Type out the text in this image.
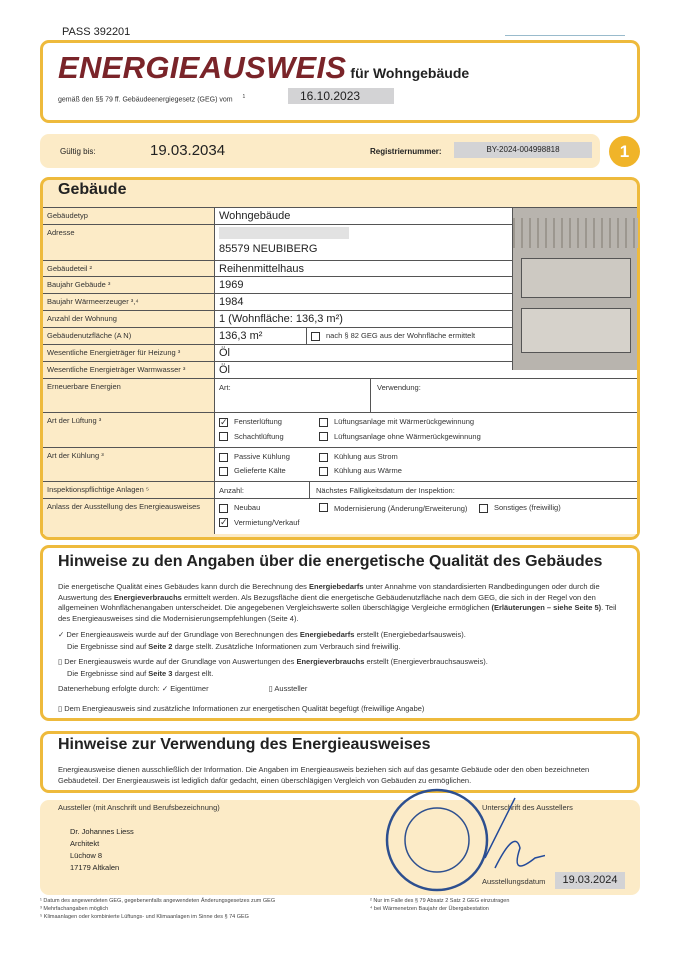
PASS 392201
ENERGIEAUSWEIS für Wohngebäude
gemäß den §§ 79 ff. Gebäudeenergiegesetz (GEG) vom $^1$	16.10.2023
Gültig bis:	19.03.2034	Registriernummer:	BY-2024-004998818	1
Gebäude
Gebäudetyp	Wohngebäude
Adresse
85579 NEUBIBERG
Gebäudeteil ²	Reihenmittelhaus
Baujahr Gebäude ³	1969
Baujahr Wärmeerzeuger ³,⁴	1984
Anzahl der Wohnung	1 (Wohnfläche: 136,3 m²)
Gebäudenutzfläche (A N)	136,3 m²	nach § 82 GEG aus der Wohnfläche ermittelt
Wesentliche Energieträger für Heizung ³	Öl
Wesentliche Energieträger Warmwasser ³	Öl
Erneuerbare Energien	Art:	Verwendung:
Art der Lüftung ³	✓ Fensterlüftung	Lüftungsanlage mit Wärmerückgewinnung
Schachtlüftung	Lüftungsanlage ohne Wärmerückgewinnung
Art der Kühlung ³	Passive Kühlung	Kühlung aus Strom
Gelieferte Kälte	Kühlung aus Wärme
Inspektionspflichtige Anlagen ⁵	Anzahl:	Nächstes Fälligkeitsdatum der Inspektion:
Anlass der Ausstellung des Energieausweises	Neubau	Modernisierung (Änderung/Erweiterung)	Sonstiges (freiwillig)
✓ Vermietung/Verkauf
Hinweise zu den Angaben über die energetische Qualität des Gebäudes
Die energetische Qualität eines Gebäudes kann durch die Berechnung des Energiebedarfs unter Annahme von standardisierten Randbedingungen oder durch die Auswertung des Energieverbrauchs ermittelt werden. Als Bezugsfläche dient die energetische Gebäudenutzfläche nach dem GEG, die sich in der Regel von den allgemeinen Wohnflächenangaben unterscheidet. Die angegebenen Vergleichswerte sollen überschlägige Vergleiche ermöglichen (Erläuterungen – siehe Seite 5). Teil des Energieausweises sind die Modernisierungsempfehlungen (Seite 4).
✓ Der Energieausweis wurde auf der Grundlage von Berechnungen des Energiebedarfs erstellt (Energiebedarfsausweis).
Die Ergebnisse sind auf Seite 2 darge stellt. Zusätzliche Informationen zum Verbrauch sind freiwillig.
▯ Der Energieausweis wurde auf der Grundlage von Auswertungen des Energieverbrauchs erstellt (Energieverbrauchsausweis).
Die Ergebnisse sind auf Seite 3 dargest ellt.
Datenerhebung erfolgte durch: ✓ Eigentümer	▯ Aussteller
▯ Dem Energieausweis sind zusätzliche Informationen zur energetischen Qualität begefügt (freiwillige Angabe)
Hinweise zur Verwendung des Energieausweises
Energieausweise dienen ausschließlich der Information. Die Angaben im Energieausweis beziehen sich auf das gesamte Gebäude oder den oben bezeichneten Gebäudeteil. Der Energieausweis ist lediglich dafür gedacht, einen überschlägigen Vergleich von Gebäuden zu ermöglichen.
Aussteller (mit Anschrift und Berufsbezeichnung)
Dr. Johannes Liess
Architekt
Lüchow 8
17179 Altkalen
Unterschrift des Ausstellers
Ausstellungsdatum	19.03.2024
¹ Datum des angewendeten GEG, gegebenenfalls angewendeten Änderungsgesetzes zum GEG
³ Mehrfachangaben möglich
⁵ Klimaanlagen oder kombinierte Lüftungs- und Klimaanlagen im Sinne des § 74 GEG
² Nur im Falle des § 79 Absatz 2 Satz 2 GEG einzutragen
⁴ bei Wärmenetzen Baujahr der Übergabestation
